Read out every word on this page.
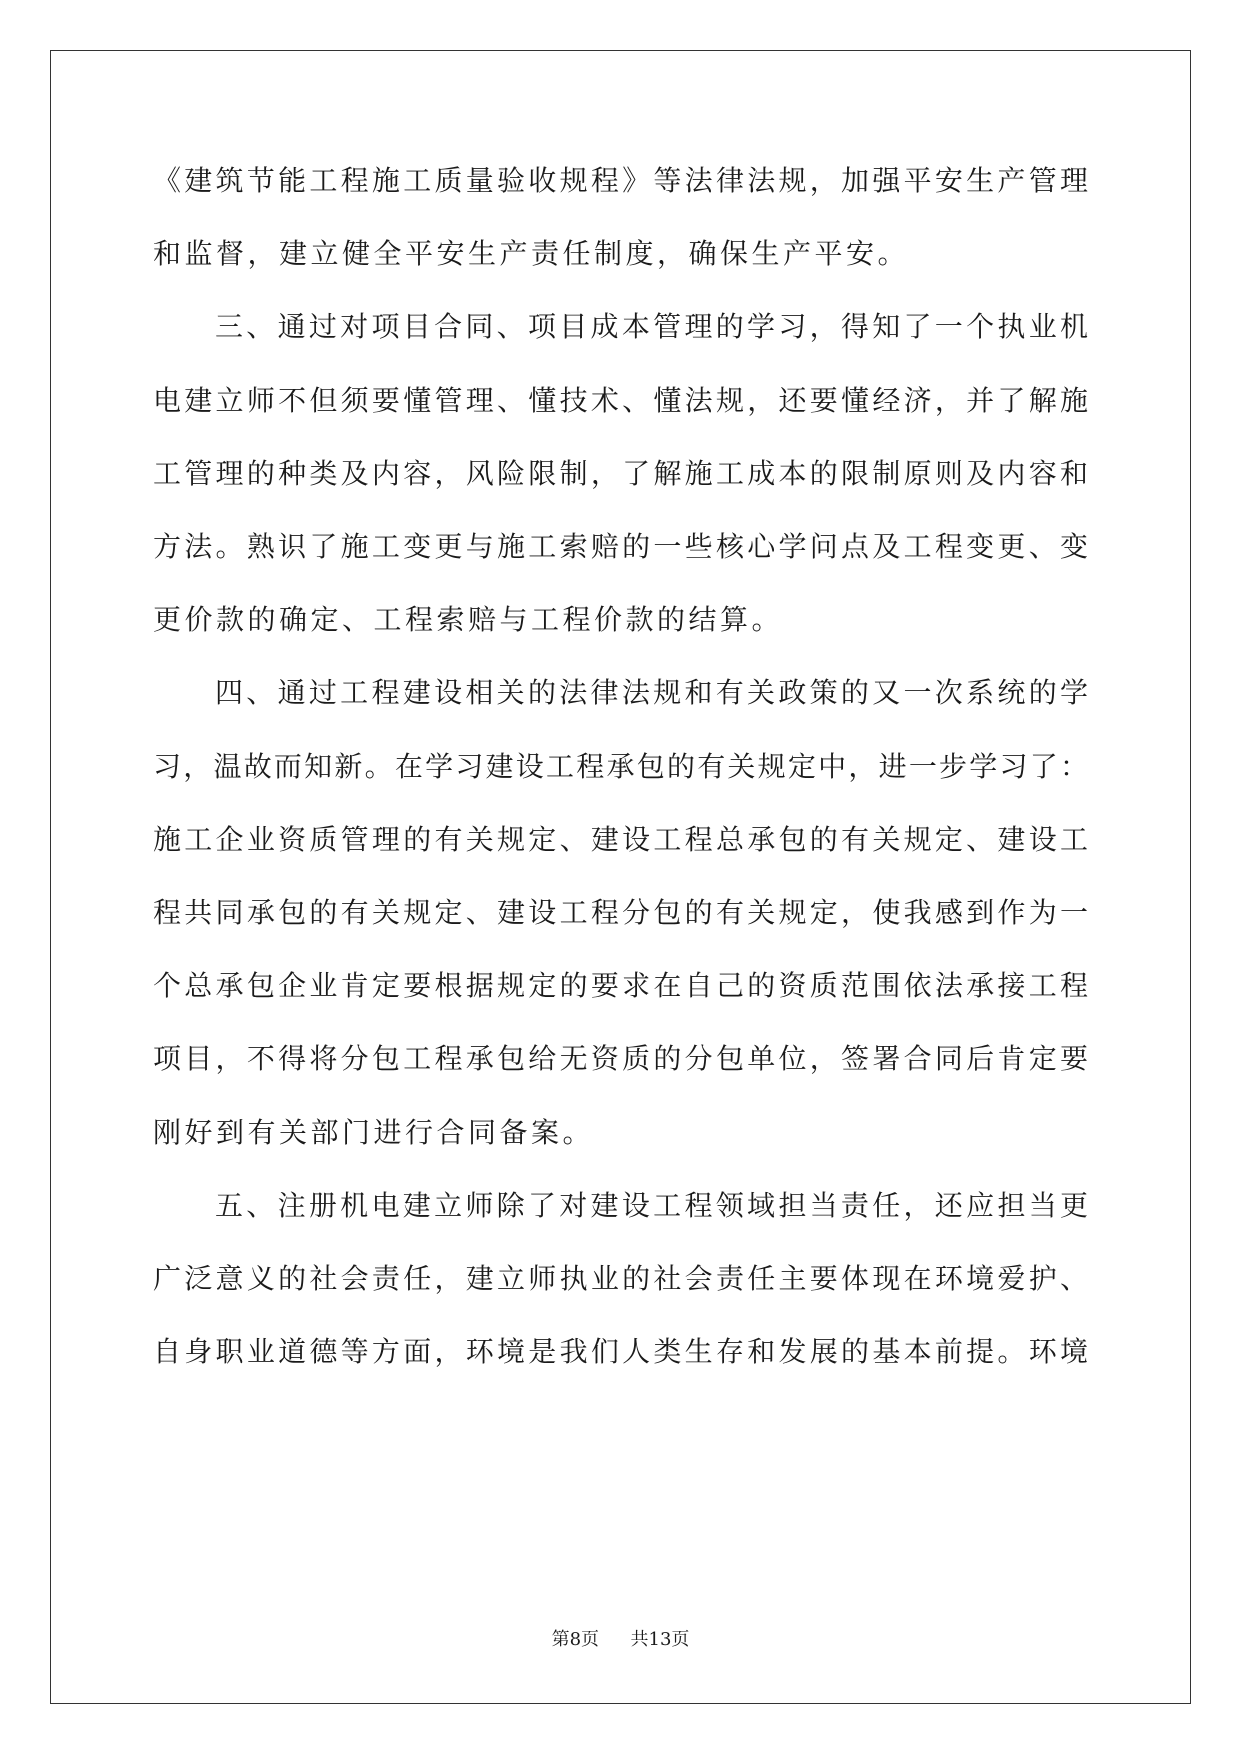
《建筑节能工程施工质量验收规程》等法律法规，加强平安生产管理
和监督，建立健全平安生产责任制度，确保生产平安。
三、通过对项目合同、项目成本管理的学习，得知了一个执业机
电建立师不但须要懂管理、懂技术、懂法规，还要懂经济，并了解施
工管理的种类及内容，风险限制，了解施工成本的限制原则及内容和
方法。熟识了施工变更与施工索赔的一些核心学问点及工程变更、变
更价款的确定、工程索赔与工程价款的结算。
四、通过工程建设相关的法律法规和有关政策的又一次系统的学
习，温故而知新。在学习建设工程承包的有关规定中，进一步学习了：
施工企业资质管理的有关规定、建设工程总承包的有关规定、建设工
程共同承包的有关规定、建设工程分包的有关规定，使我感到作为一
个总承包企业肯定要根据规定的要求在自己的资质范围依法承接工程
项目，不得将分包工程承包给无资质的分包单位，签署合同后肯定要
刚好到有关部门进行合同备案。
五、注册机电建立师除了对建设工程领域担当责任，还应担当更
广泛意义的社会责任，建立师执业的社会责任主要体现在环境爱护、
自身职业道德等方面，环境是我们人类生存和发展的基本前提。环境
第8页 共13页
